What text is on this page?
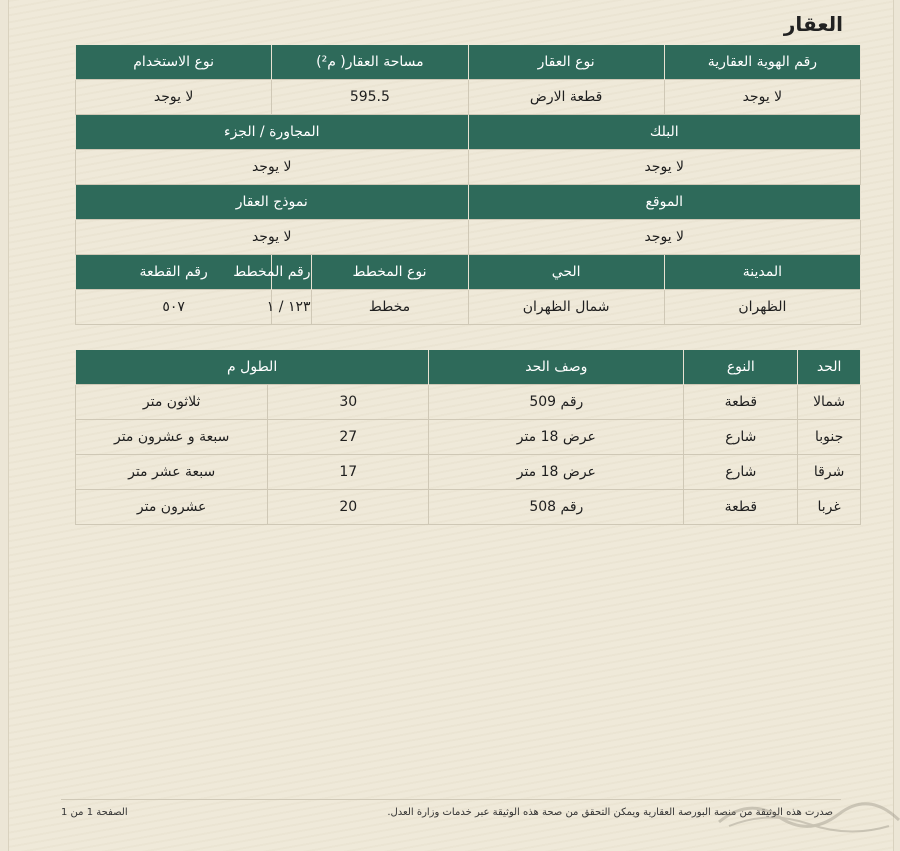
العقار
رقم الهوية العقارية	نوع العقار	مساحة العقار( م²)		نوع الاستخدام
لا يوجد	قطعة الارض	595.5		لا يوجد
البلك		المجاورة / الجزء		
لا يوجد		لا يوجد		
الموقع		نموذج العقار		
لا يوجد		لا يوجد		
المدينة	الحي	نوع المخطط	رقم المخطط	رقم القطعة
الظهران	شمال الظهران	مخطط	١٢٣ / ١	٥٠٧
الحد	النوع	وصف الحد	الطول م	
شمالا	قطعة	رقم 509	30	ثلاثون متر
جنوبا	شارع	عرض 18 متر	27	سبعة و عشرون متر
شرقا	شارع	عرض 18 متر	17	سبعة عشر متر
غربا	قطعة	رقم 508	20	عشرون متر
صدرت هذه الوثيقة من منصة البورصة العقارية ويمكن التحقق من صحة هذه الوثيقة عبر خدمات وزارة العدل.
الصفحة 1 من 1
